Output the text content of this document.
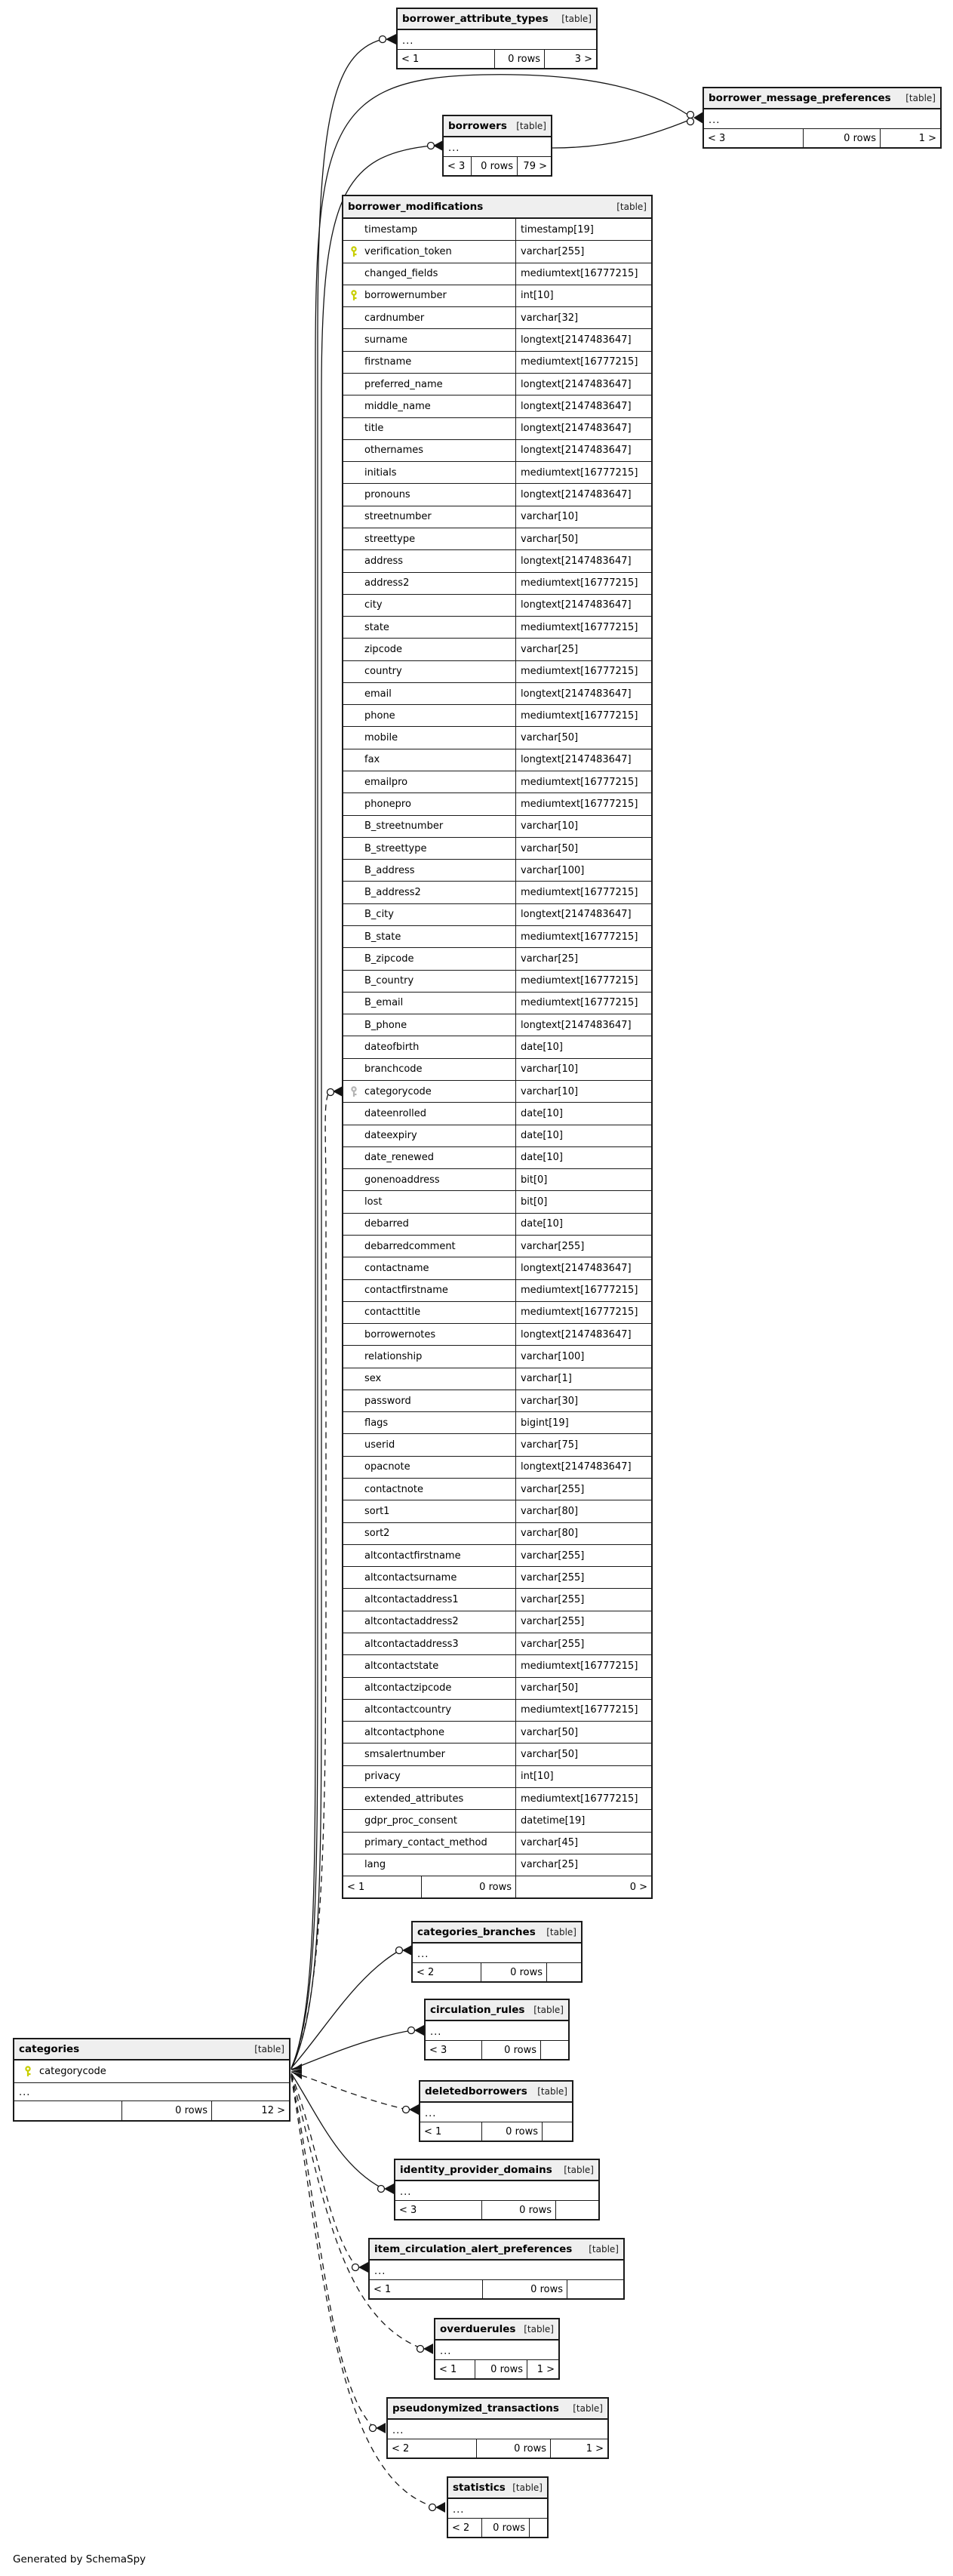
borrower_attribute_types [table]
...
< 1	0 rows	3 >
borrowers [table]
...
< 3	0 rows	79 >
borrower_message_preferences [table]
...
< 3	0 rows	1 >
borrower_modifications	[table]
timestamp	timestamp[19]
verification_token	varchar[255]
changed_fields	mediumtext[16777215]
borrowernumber	int[10]
cardnumber	varchar[32]
surname	longtext[2147483647]
firstname	mediumtext[16777215]
preferred_name	longtext[2147483647]
middle_name	longtext[2147483647]
title	longtext[2147483647]
othernames	longtext[2147483647]
initials	mediumtext[16777215]
pronouns	longtext[2147483647]
streetnumber	varchar[10]
streettype	varchar[50]
address	longtext[2147483647]
address2	mediumtext[16777215]
city	longtext[2147483647]
state	mediumtext[16777215]
zipcode	varchar[25]
country	mediumtext[16777215]
email	longtext[2147483647]
phone	mediumtext[16777215]
mobile	varchar[50]
fax	longtext[2147483647]
emailpro	mediumtext[16777215]
phonepro	mediumtext[16777215]
B_streetnumber	varchar[10]
B_streettype	varchar[50]
B_address	varchar[100]
B_address2	mediumtext[16777215]
B_city	longtext[2147483647]
B_state	mediumtext[16777215]
B_zipcode	varchar[25]
B_country	mediumtext[16777215]
B_email	mediumtext[16777215]
B_phone	longtext[2147483647]
dateofbirth	date[10]
branchcode	varchar[10]
categorycode	varchar[10]
dateenrolled	date[10]
dateexpiry	date[10]
date_renewed	date[10]
gonenoaddress	bit[0]
lost	bit[0]
debarred	date[10]
debarredcomment	varchar[255]
contactname	longtext[2147483647]
contactfirstname	mediumtext[16777215]
contacttitle	mediumtext[16777215]
borrowernotes	longtext[2147483647]
relationship	varchar[100]
sex	varchar[1]
password	varchar[30]
flags	bigint[19]
userid	varchar[75]
opacnote	longtext[2147483647]
contactnote	varchar[255]
sort1	varchar[80]
sort2	varchar[80]
altcontactfirstname	varchar[255]
altcontactsurname	varchar[255]
altcontactaddress1	varchar[255]
altcontactaddress2	varchar[255]
altcontactaddress3	varchar[255]
altcontactstate	mediumtext[16777215]
altcontactzipcode	varchar[50]
altcontactcountry	mediumtext[16777215]
altcontactphone	varchar[50]
smsalertnumber	varchar[50]
privacy	int[10]
extended_attributes	mediumtext[16777215]
gdpr_proc_consent	datetime[19]
primary_contact_method	varchar[45]
lang	varchar[25]
< 1	0 rows	0 >
categories	[table]
categorycode
...
0 rows	12 >
categories_branches [table]
...
< 2	0 rows
circulation_rules [table]
...
< 3	0 rows
deletedborrowers [table]
...
< 1	0 rows
identity_provider_domains [table]
...
< 3	0 rows
item_circulation_alert_preferences [table]
...
< 1	0 rows
overduerules [table]
...
< 1	0 rows	1 >
pseudonymized_transactions [table]
...
< 2	0 rows	1 >
statistics [table]
...
< 2	0 rows
Generated by SchemaSpy
